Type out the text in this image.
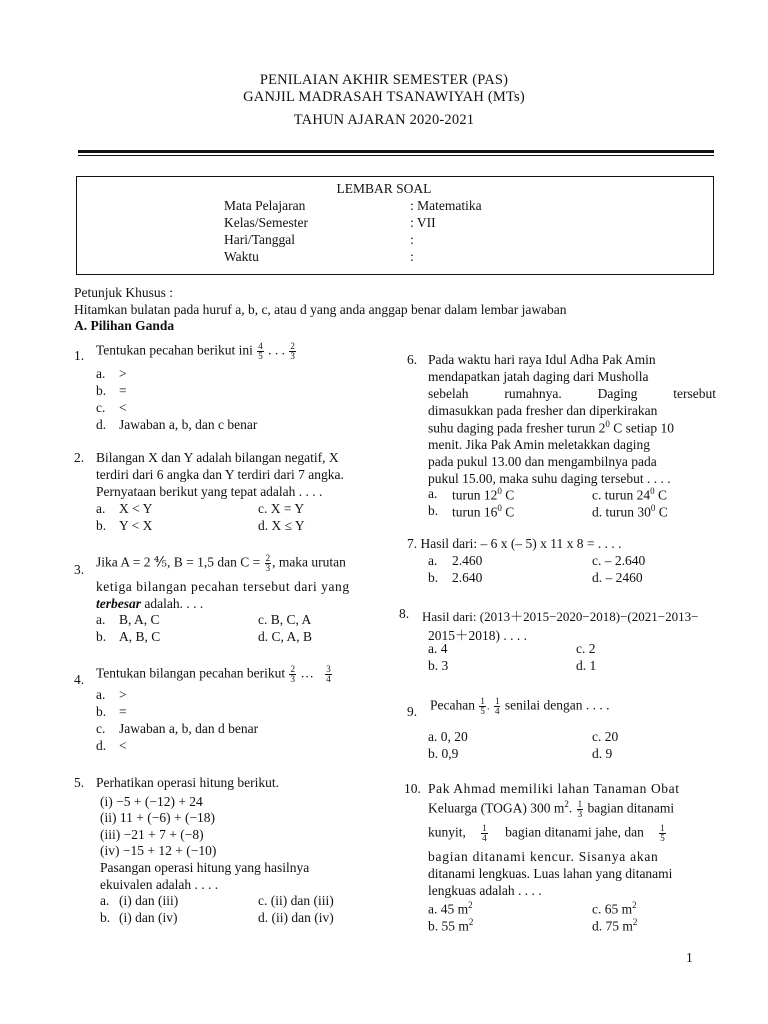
PENILAIAN AKHIR SEMESTER (PAS)
GANJIL MADRASAH TSANAWIYAH (MTs)
TAHUN AJARAN 2020-2021
LEMBAR SOAL
Mata Pelajaran	: Matematika
Kelas/Semester	: VII
Hari/Tanggal	:
Waktu	:
Petunjuk Khusus :
Hitamkan bulatan pada huruf a, b, c, atau d yang anda anggap benar dalam lembar jawaban
A. Pilihan Ganda
1. Tentukan pecahan berikut ini $\frac{4}{5}$ . . . $\frac{2}{3}$
a. >
b. =
c. <
d. Jawaban a, b, dan c benar
2. Bilangan X dan Y adalah bilangan negatif, X
terdiri dari 6 angka dan Y terdiri dari 7 angka.
Pernyataan berikut yang tepat adalah . . . .
a. X < Y	c. X = Y
b. Y < X	d. X ≤ Y
3. Jika A = 2 ⅘, B = 1,5 dan $C = \frac{2}{3}$ , maka urutan
ketiga bilangan pecahan tersebut dari yang
terbesar adalah. . . .
a. B, A, C	c. B, C, A
b. A, B, C	d. C, A, B
4. Tentukan bilangan pecahan berikut $\frac{2}{3}$ … $\frac{3}{4}$
a. >
b. =
c. Jawaban a, b, dan d benar
d. <
5. Perhatikan operasi hitung berikut.
(i) −5 + (−12) + 24
(ii) 11 + (−6) + (−18)
(iii) −21 + 7 + (−8)
(iv) −15 + 12 + (−10)
Pasangan operasi hitung yang hasilnya
ekuivalen adalah . . . .
a. (i) dan (iii)	c. (ii) dan (iii)
b. (i) dan (iv)	d. (ii) dan (iv)
6. Pada waktu hari raya Idul Adha Pak Amin
mendapatkan jatah daging dari Musholla
sebelah	rumahnya.	Daging	tersebut
dimasukkan pada fresher dan diperkirakan
suhu daging pada fresher turun $2^0$ C setiap 10
menit. Jika Pak Amin meletakkan daging
pada pukul 13.00 dan mengambilnya pada
pukul 15.00, maka suhu daging tersebut . . . .
a. turun $12^0$ C	c. turun $24^0$ C
b. turun $16^0$ C	d. turun $30^0$ C
7. Hasil dari: – 6 x (– 5) x 11 x 8 = . . . .
a. 2.460	c. – 2.640
b. 2.640	d. – 2460
8. Hasil dari: (2013＋2015−2020−2018)−(2021−2013−
2015＋2018) . . . .
a. 4	c. 2
b. 3	d. 1
9. Pecahan $\frac{1}{5}$ . $\frac{1}{4}$ senilai dengan . . . .
a. 0, 20	c. 20
b. 0,9	d. 9
10. Pak Ahmad memiliki lahan Tanaman Obat
Keluarga (TOGA) 300 $m^2$. $\frac{1}{3}$ bagian ditanami
kunyit, $\frac{1}{4}$ bagian ditanami jahe, dan $\frac{1}{5}$
bagian ditanami kencur. Sisanya akan
ditanami lengkuas. Luas lahan yang ditanami
lengkuas adalah . . . .
a. 45 $m^2$	c. 65 $m^2$
b. 55 $m^2$	d. 75 $m^2$
1
